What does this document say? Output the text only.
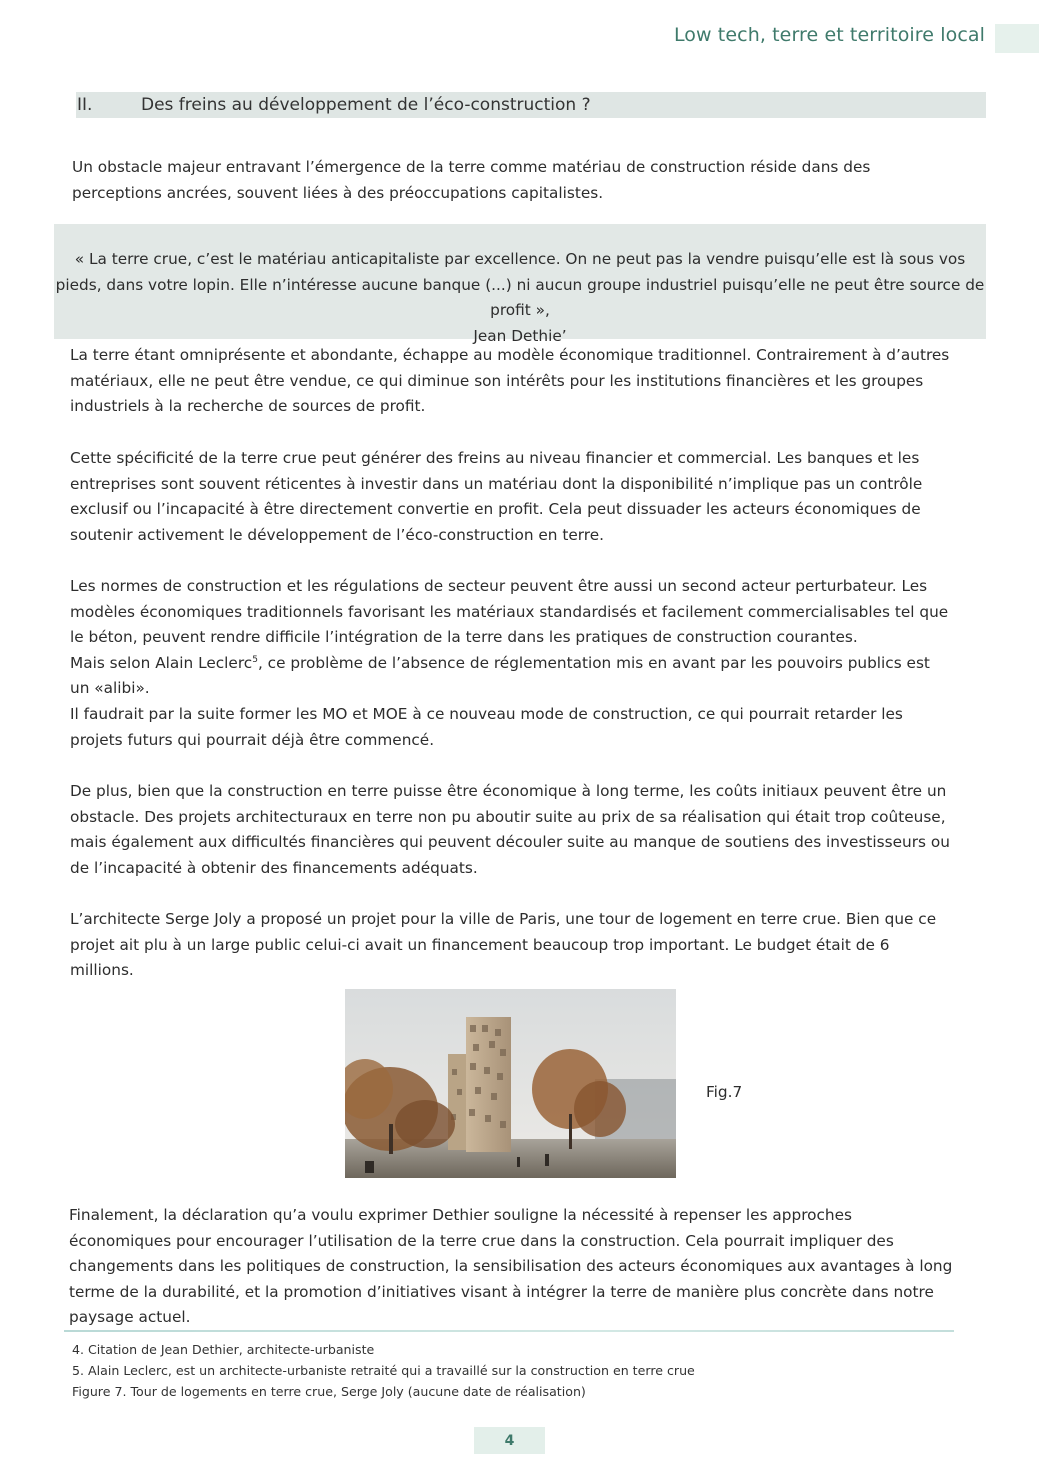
Low tech, terre et territoire local
II.	Des freins au développement de l’éco-construction ?

Un obstacle majeur entravant l’émergence de la terre comme matériau de construction réside dans des perceptions ancrées, souvent liées à des préoccupations capitalistes.

« La terre crue, c’est le matériau anticapitaliste par excellence. On ne peut pas la vendre puisqu’elle est là sous vos pieds, dans votre lopin. Elle n’intéresse aucune banque (...) ni aucun groupe industriel puisqu’elle ne peut être source de profit »,
Jean Dethie’

La terre étant omniprésente et abondante, échappe au modèle économique traditionnel. Contrairement à d’autres matériaux, elle ne peut être vendue, ce qui diminue son intérêts pour les institutions financières et les groupes industriels à la recherche de sources de profit.

Cette spécificité de la terre crue peut générer des freins au niveau financier et commercial. Les banques et les entreprises sont souvent réticentes à investir dans un matériau dont la disponibilité n’implique pas un contrôle exclusif ou l’incapacité à être directement convertie en profit. Cela peut dissuader les acteurs économiques de soutenir activement le développement de l’éco-construction en terre.

Les normes de construction et les régulations de secteur peuvent être aussi un second acteur perturbateur. Les modèles économiques traditionnels favorisant les matériaux standardisés et facilement commercialisables tel que le béton, peuvent rendre difficile l’intégration de la terre dans les pratiques de construction courantes.
Mais selon Alain Leclerc$^5$, ce problème de l’absence de réglementation mis en avant par les pouvoirs publics est un «alibi».
Il faudrait par la suite former les MO et MOE à ce nouveau mode de construction, ce qui pourrait retarder les projets futurs qui pourrait déjà être commencé.

De plus, bien que la construction en terre puisse être économique à long terme, les coûts initiaux peuvent être un obstacle. Des projets architecturaux en terre non pu aboutir suite au prix de sa réalisation qui était trop coûteuse, mais également aux difficultés financières qui peuvent découler suite au manque de soutiens des investisseurs ou de l’incapacité à obtenir des financements adéquats.

L’architecte Serge Joly a proposé un projet pour la ville de Paris, une tour de logement en terre crue. Bien que ce projet ait plu à un large public celui-ci avait un financement beaucoup trop important. Le budget était de 6 millions.

Fig.7

Finalement, la déclaration qu’a voulu exprimer Dethier souligne la nécessité à repenser les approches économiques pour encourager l’utilisation de la terre crue dans la construction. Cela pourrait impliquer des changements dans les politiques de construction, la sensibilisation des acteurs économiques aux avantages à long terme de la durabilité, et la promotion d’initiatives visant à intégrer la terre de manière plus concrète dans notre paysage actuel.

4. Citation de Jean Dethier, architecte-urbaniste
5. Alain Leclerc, est un architecte-urbaniste retraité qui a travaillé sur la construction en terre crue
Figure 7. Tour de logements en terre crue, Serge Joly (aucune date de réalisation)
4
